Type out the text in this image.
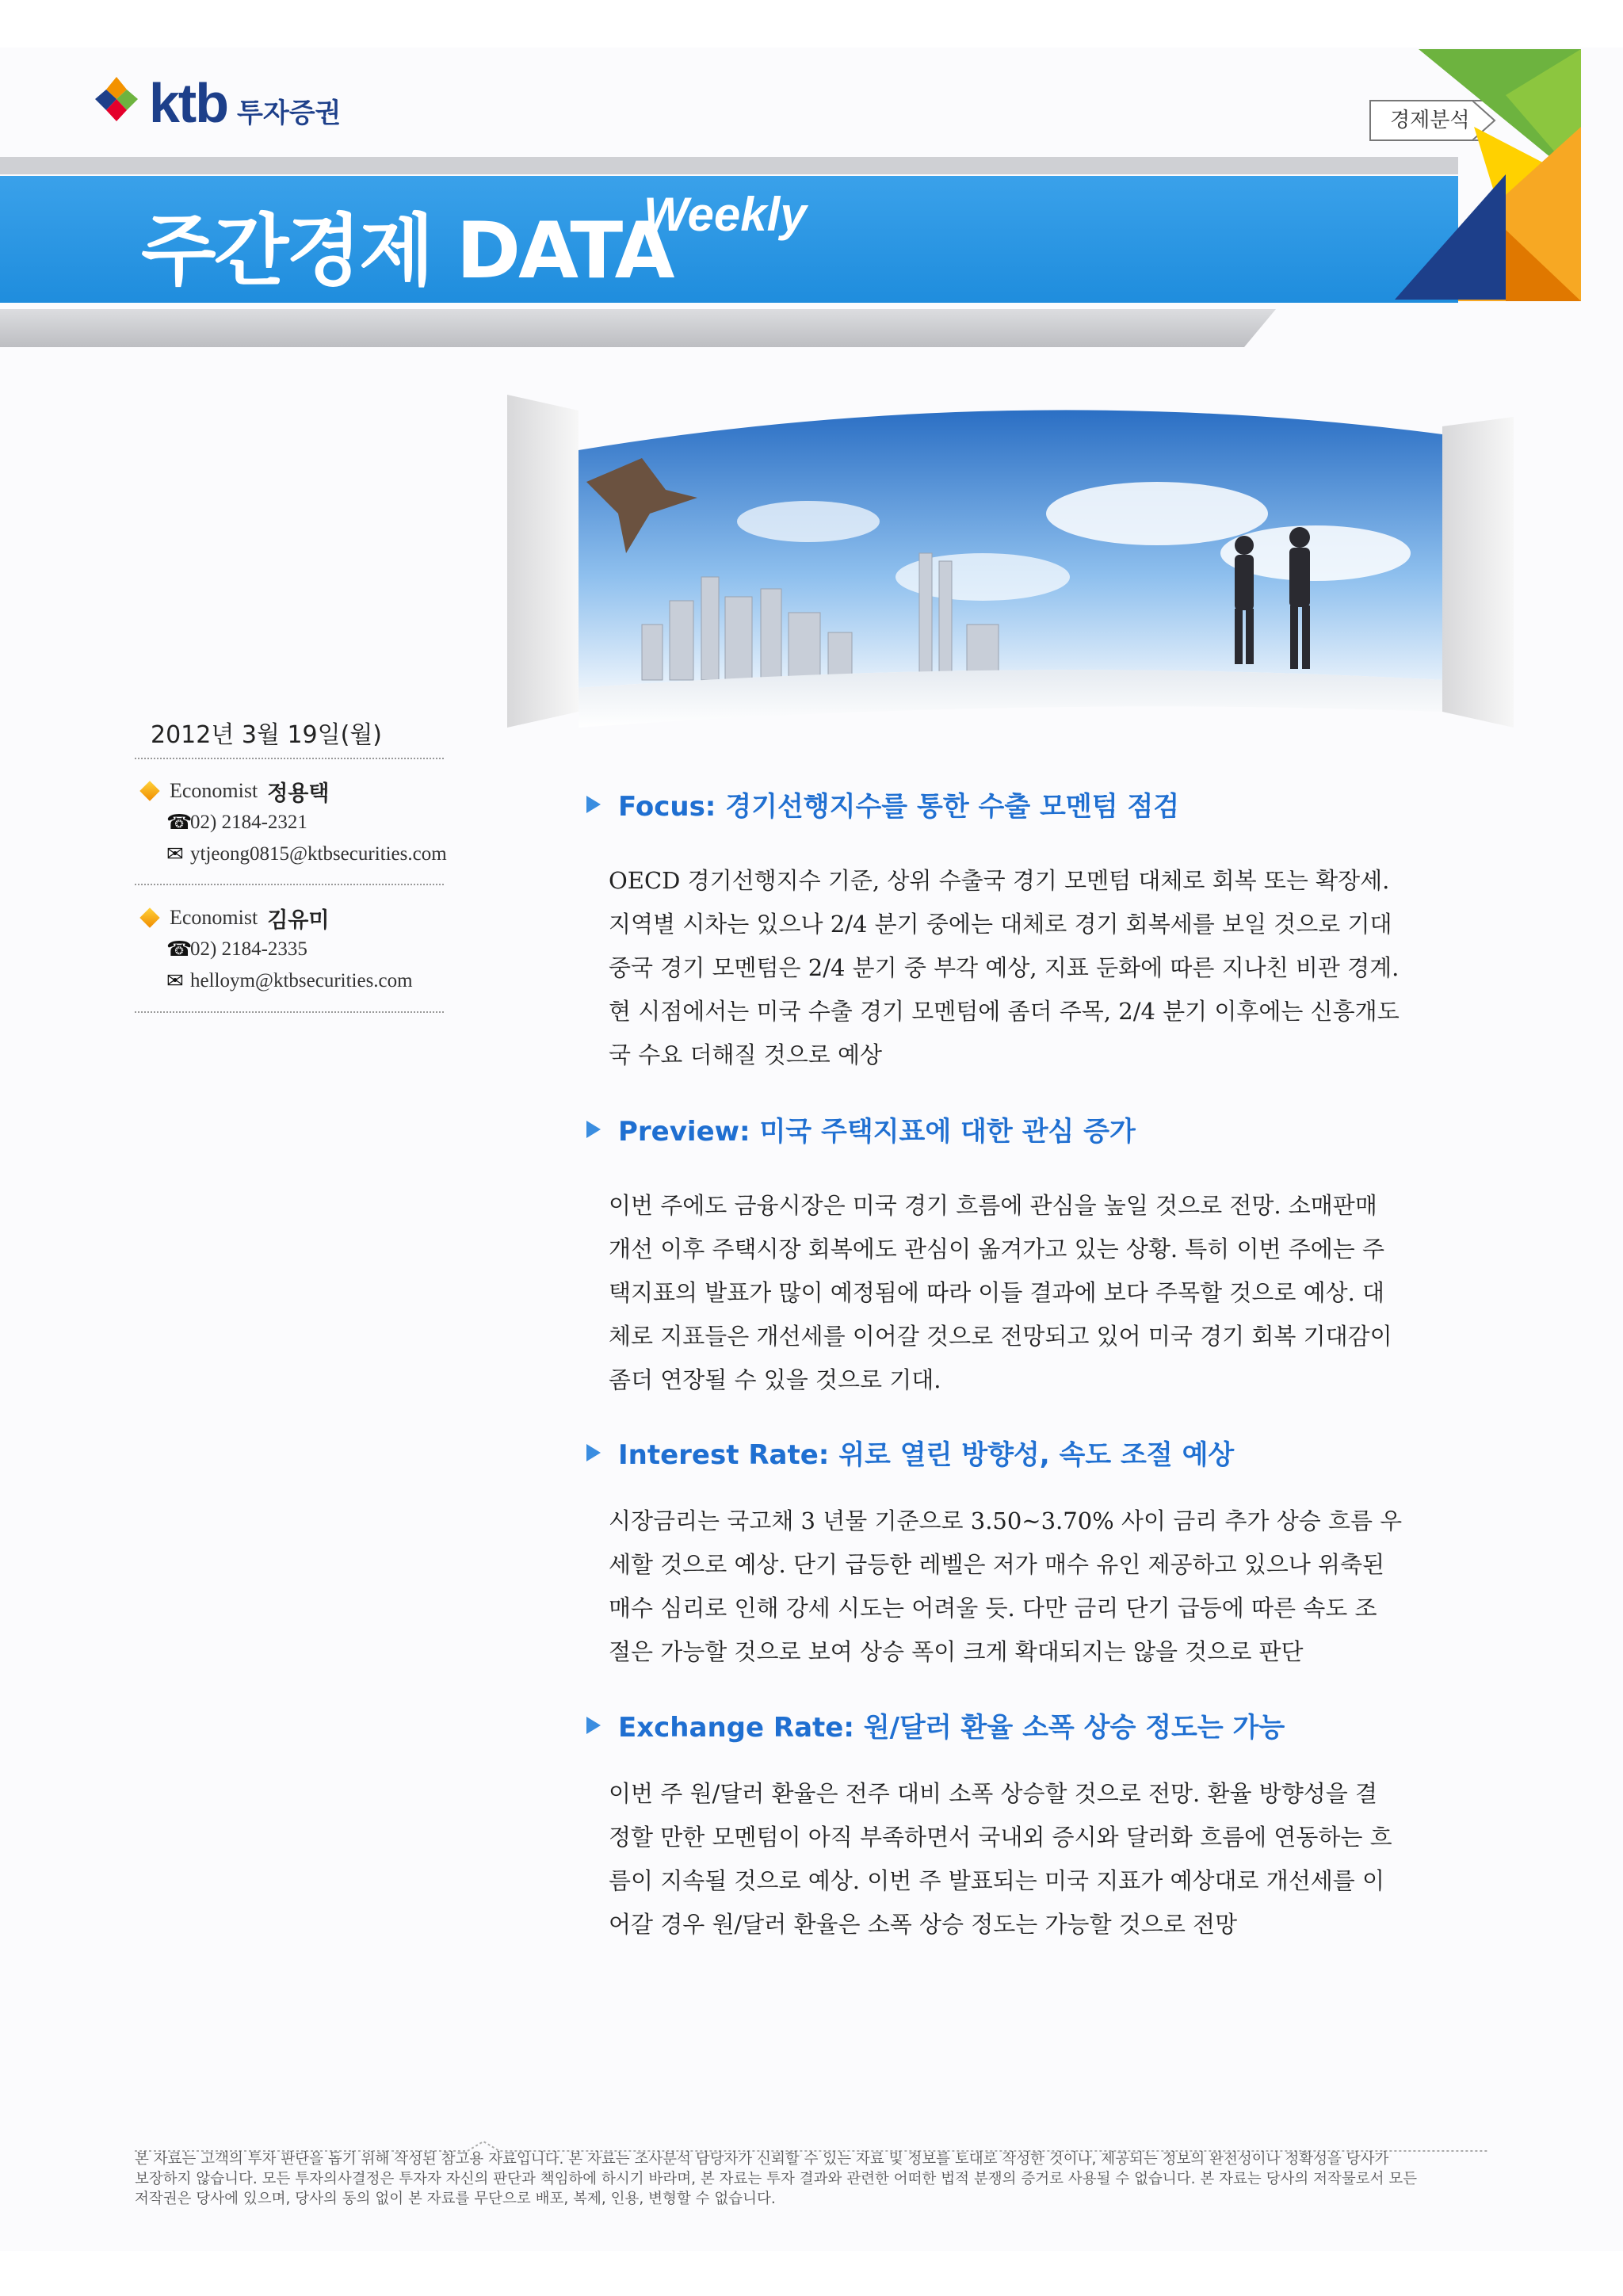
ktb 투자증권	경제분석
주간경제 DATA
Weekly
2012년 3월 19일(월)
Economist 정용택
☎
02) 2184-2321
✉ ytjeong0815@ktbsecurities.com
Economist 김유미
☎
02) 2184-2335
✉ helloym@ktbsecurities.com
Focus: 경기선행지수를 통한 수출 모멘텀 점검
OECD 경기선행지수 기준, 상위 수출국 경기 모멘텀 대체로 회복 또는 확장세.
지역별 시차는 있으나 2/4 분기 중에는 대체로 경기 회복세를 보일 것으로 기대
중국 경기 모멘텀은 2/4 분기 중 부각 예상, 지표 둔화에 따른 지나친 비관 경계.
현 시점에서는 미국 수출 경기 모멘텀에 좀더 주목, 2/4 분기 이후에는 신흥개도
국 수요 더해질 것으로 예상
Preview: 미국 주택지표에 대한 관심 증가
이번 주에도 금융시장은 미국 경기 흐름에 관심을 높일 것으로 전망. 소매판매
개선 이후 주택시장 회복에도 관심이 옮겨가고 있는 상황. 특히 이번 주에는 주
택지표의 발표가 많이 예정됨에 따라 이들 결과에 보다 주목할 것으로 예상. 대
체로 지표들은 개선세를 이어갈 것으로 전망되고 있어 미국 경기 회복 기대감이
좀더 연장될 수 있을 것으로 기대.
Interest Rate: 위로 열린 방향성, 속도 조절 예상
시장금리는 국고채 3 년물 기준으로 3.50~3.70% 사이 금리 추가 상승 흐름 우
세할 것으로 예상. 단기 급등한 레벨은 저가 매수 유인 제공하고 있으나 위축된
매수 심리로 인해 강세 시도는 어려울 듯. 다만 금리 단기 급등에 따른 속도 조
절은 가능할 것으로 보여 상승 폭이 크게 확대되지는 않을 것으로 판단
Exchange Rate: 원/달러 환율 소폭 상승 정도는 가능
이번 주 원/달러 환율은 전주 대비 소폭 상승할 것으로 전망. 환율 방향성을 결
정할 만한 모멘텀이 아직 부족하면서 국내외 증시와 달러화 흐름에 연동하는 흐
름이 지속될 것으로 예상. 이번 주 발표되는 미국 지표가 예상대로 개선세를 이
어갈 경우 원/달러 환율은 소폭 상승 정도는 가능할 것으로 전망
본 자료는 고객의 투자 판단을 돕기 위해 작성된 참고용 자료입니다. 본 자료는 조사분석 담당자가 신뢰할 수 있는 자료 및 정보를 토대로 작성한 것이나, 제공되는 정보의 완전성이나 정확성을 당사가
보장하지 않습니다. 모든 투자의사결정은 투자자 자신의 판단과 책임하에 하시기 바라며, 본 자료는 투자 결과와 관련한 어떠한 법적 분쟁의 증거로 사용될 수 없습니다. 본 자료는 당사의 저작물로서 모든
저작권은 당사에 있으며, 당사의 동의 없이 본 자료를 무단으로 배포, 복제, 인용, 변형할 수 없습니다.
